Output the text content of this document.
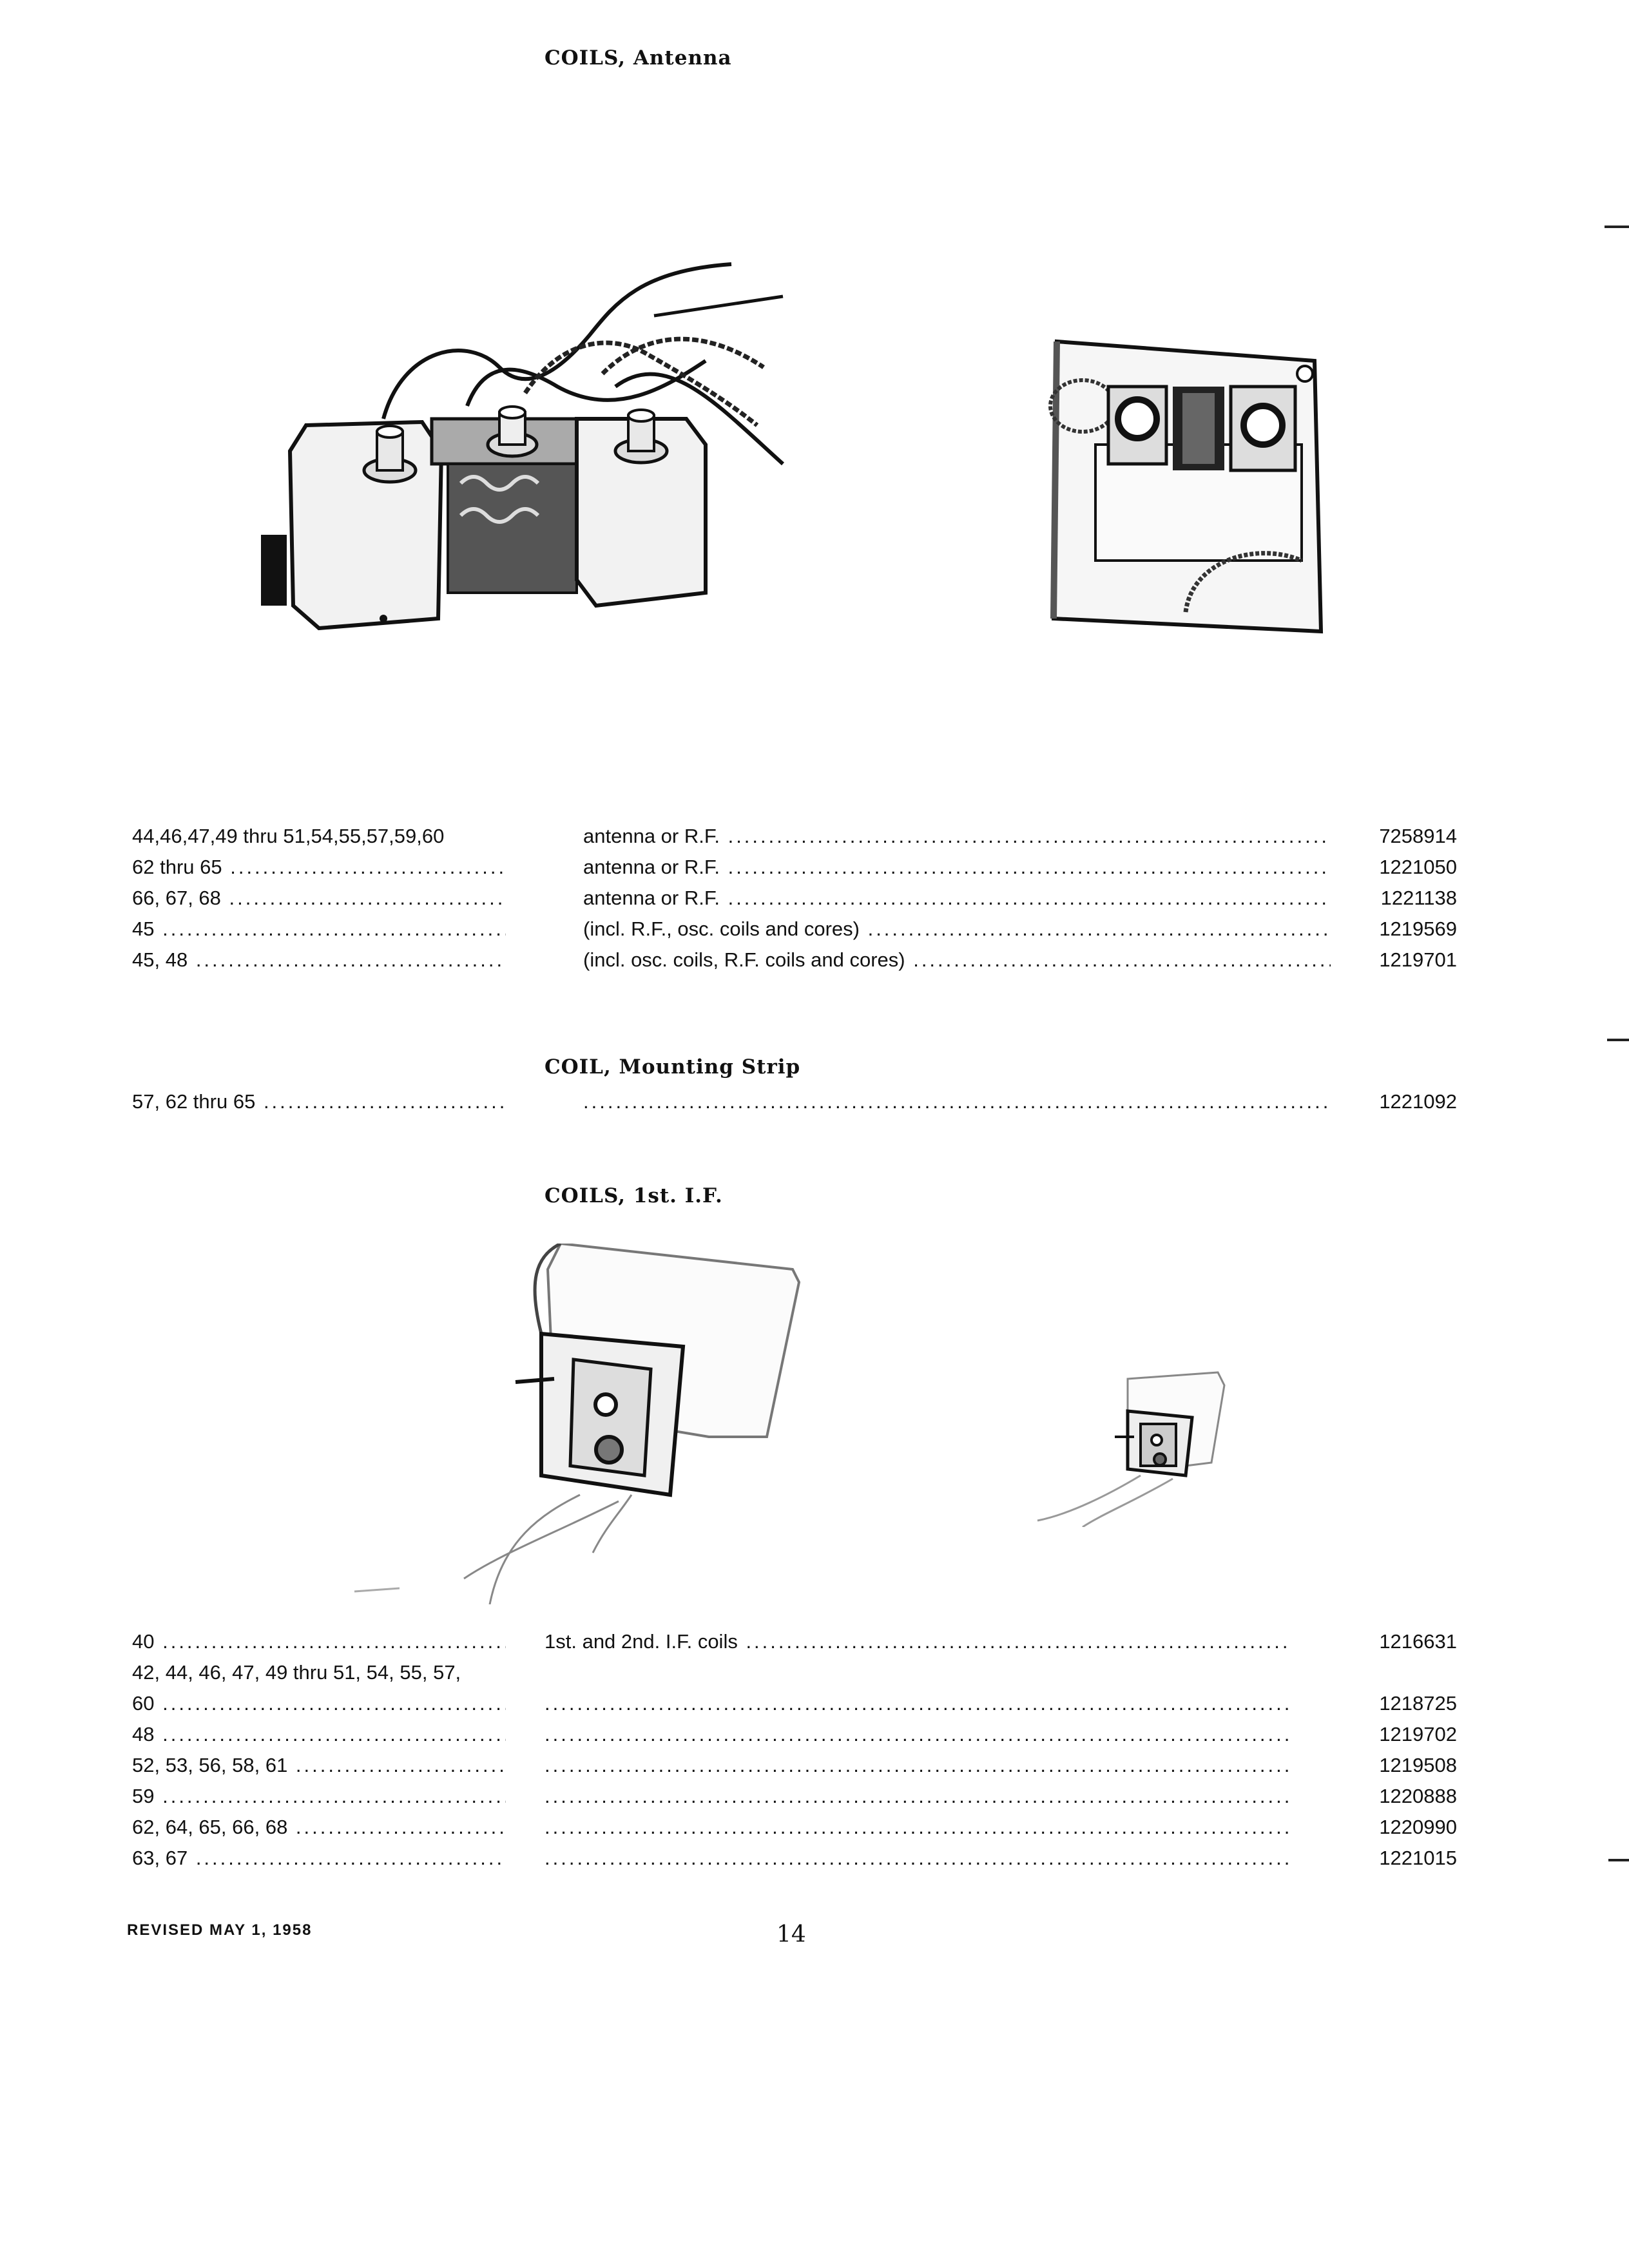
COILS, Antenna
44,46,47,49 thru 51,54,55,57,59,60	antenna or R.F. .....	7258914
62 thru 65 .....	antenna or R.F. .....	1221050
66, 67, 68 .....	antenna or R.F. .....	1221138
45 .....	(incl. R.F., osc. coils and cores) .....	1219569
45, 48 .....	(incl. osc. coils, R.F. coils and cores) .....	1219701
COIL, Mounting Strip
57, 62 thru 65 ..... .....	1221092
COILS, 1st. I.F.
40 .....	1st. and 2nd. I.F. coils .....	1216631
42, 44, 46, 47, 49 thru 51, 54, 55, 57,
60 ..... .....	1218725
48 ..... .....	1219702
52, 53, 56, 58, 61 ..... .....	1219508
59 ..... .....	1220888
62, 64, 65, 66, 68 ..... .....	1220990
63, 67 ..... .....	1221015
REVISED MAY 1, 1958	14
